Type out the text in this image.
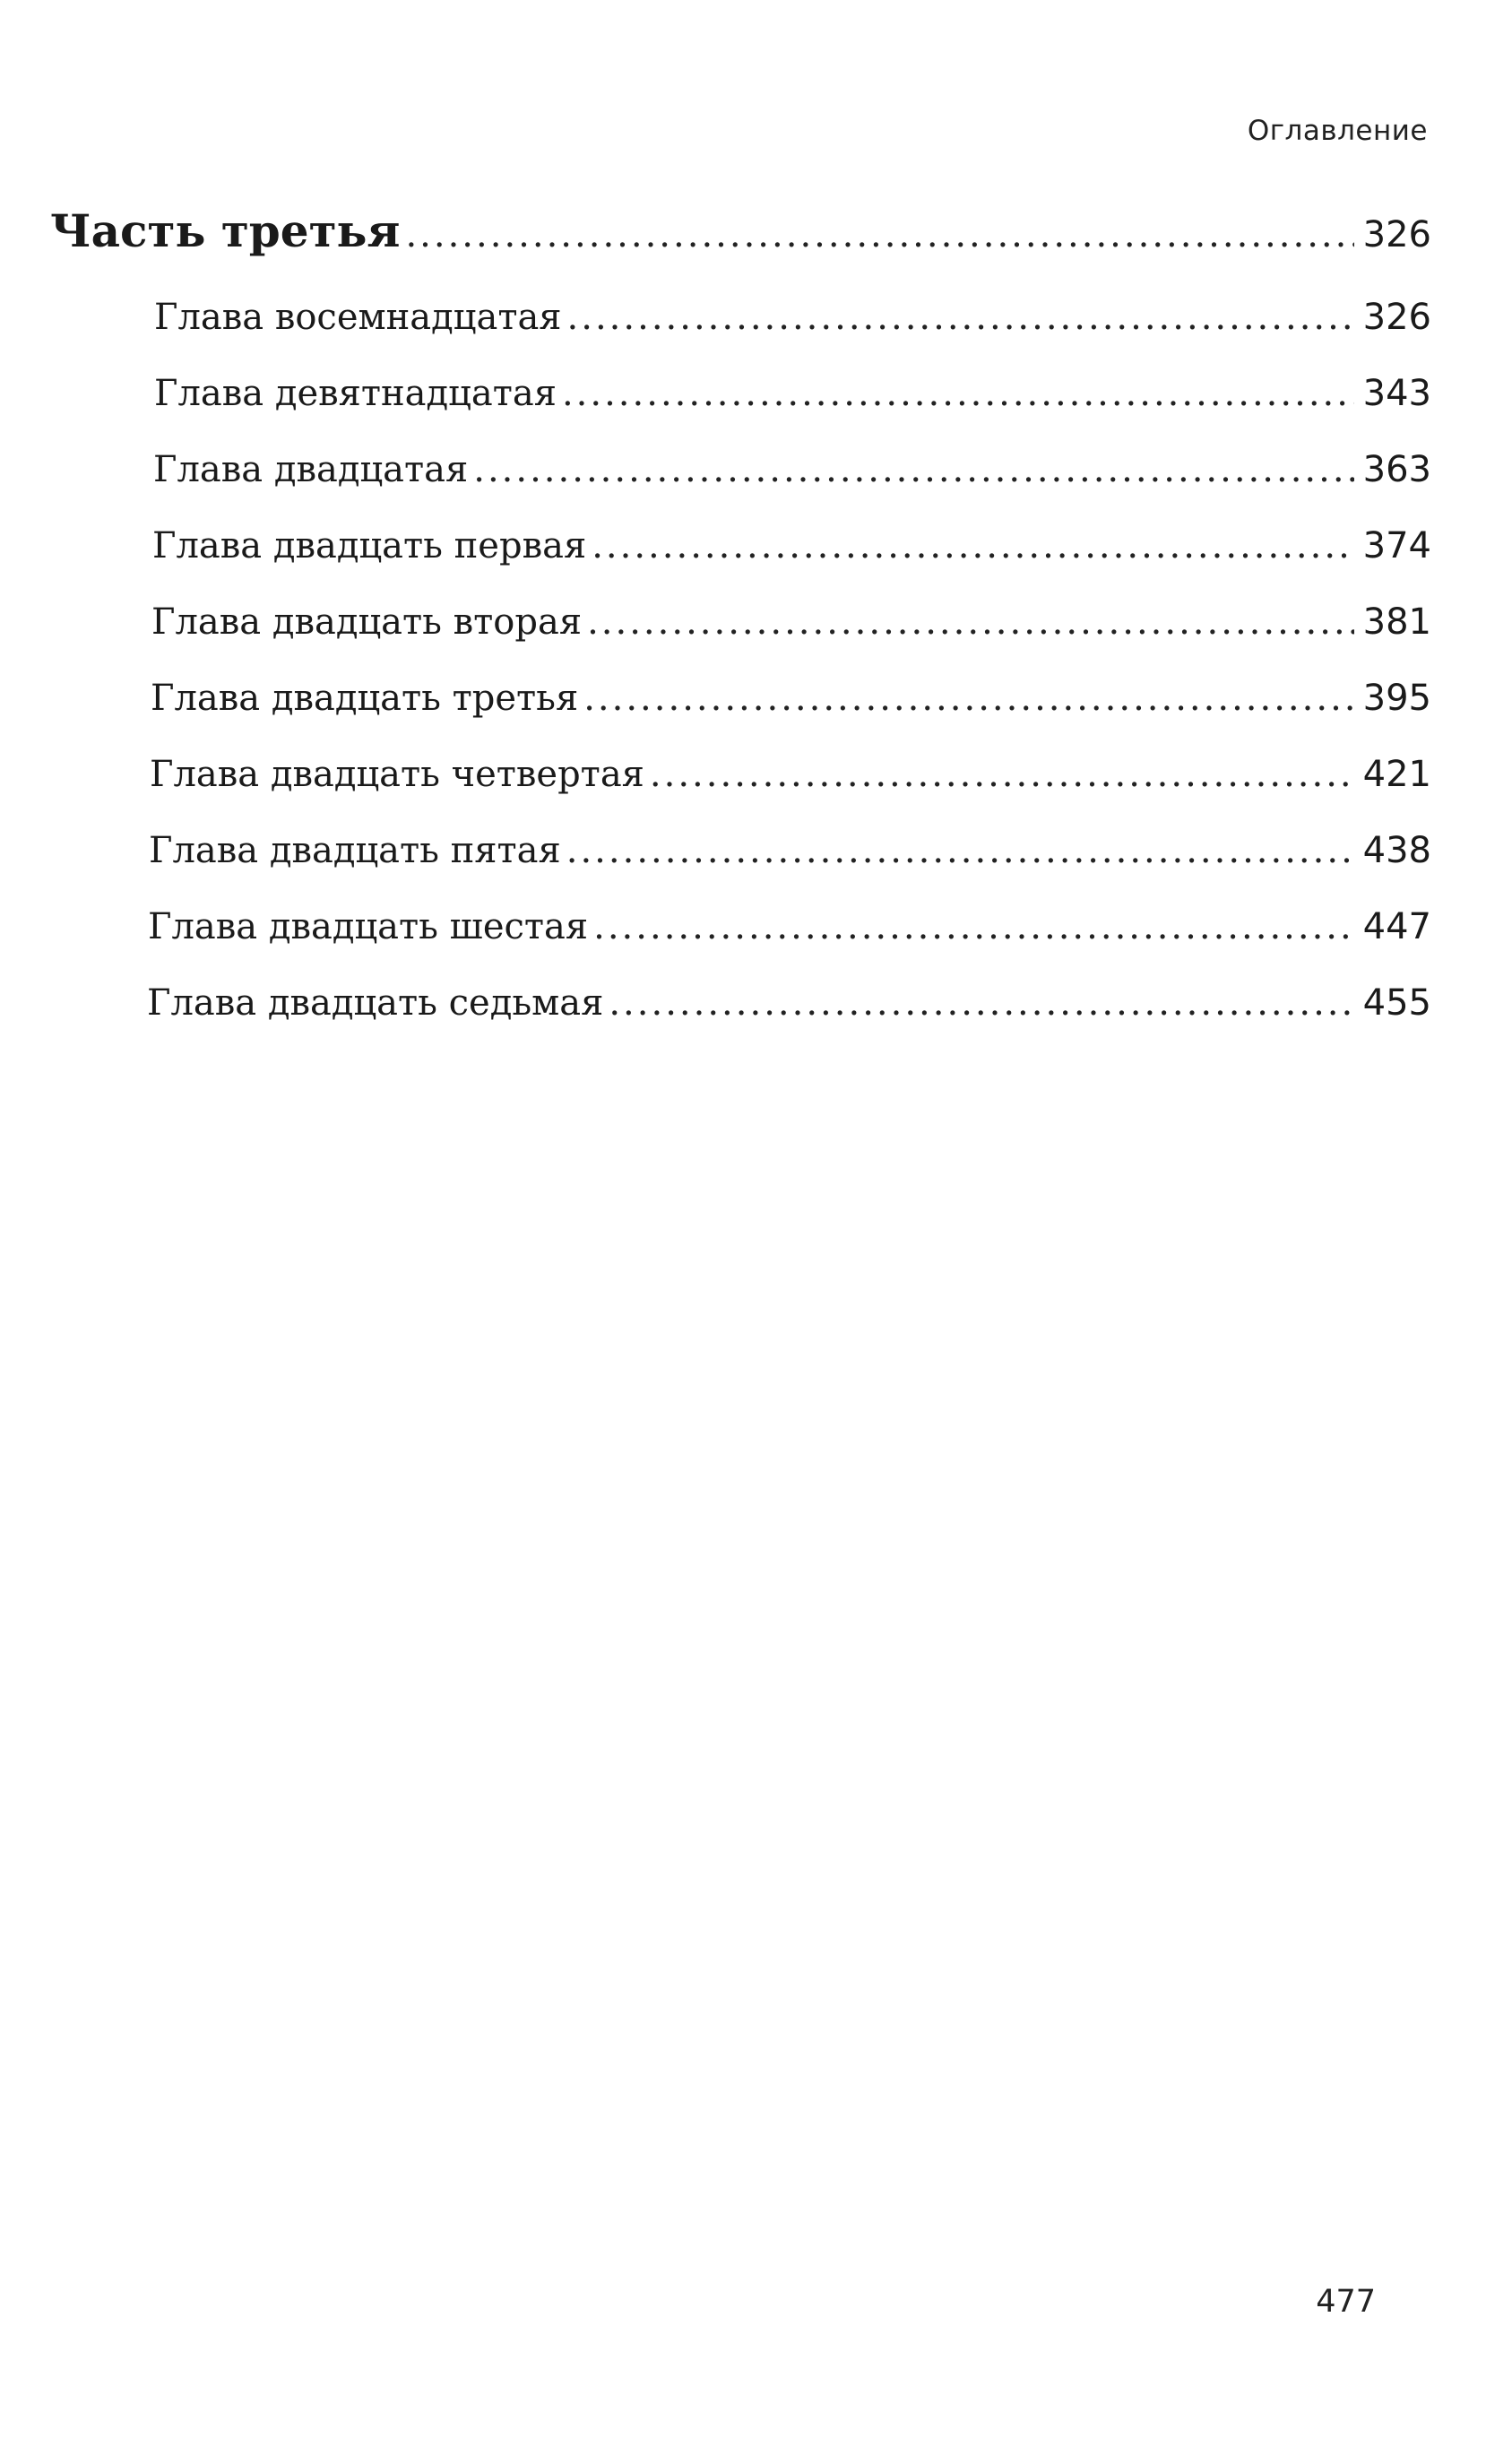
Оглавление
Часть третья .....	326
Глава восемнадцатая .....	326
Глава девятнадцатая .....	343
Глава двадцатая .....	363
Глава двадцать первая .....	374
Глава двадцать вторая .....	381
Глава двадцать третья .....	395
Глава двадцать четвертая .....	421
Глава двадцать пятая .....	438
Глава двадцать шестая .....	447
Глава двадцать седьмая .....	455
477
